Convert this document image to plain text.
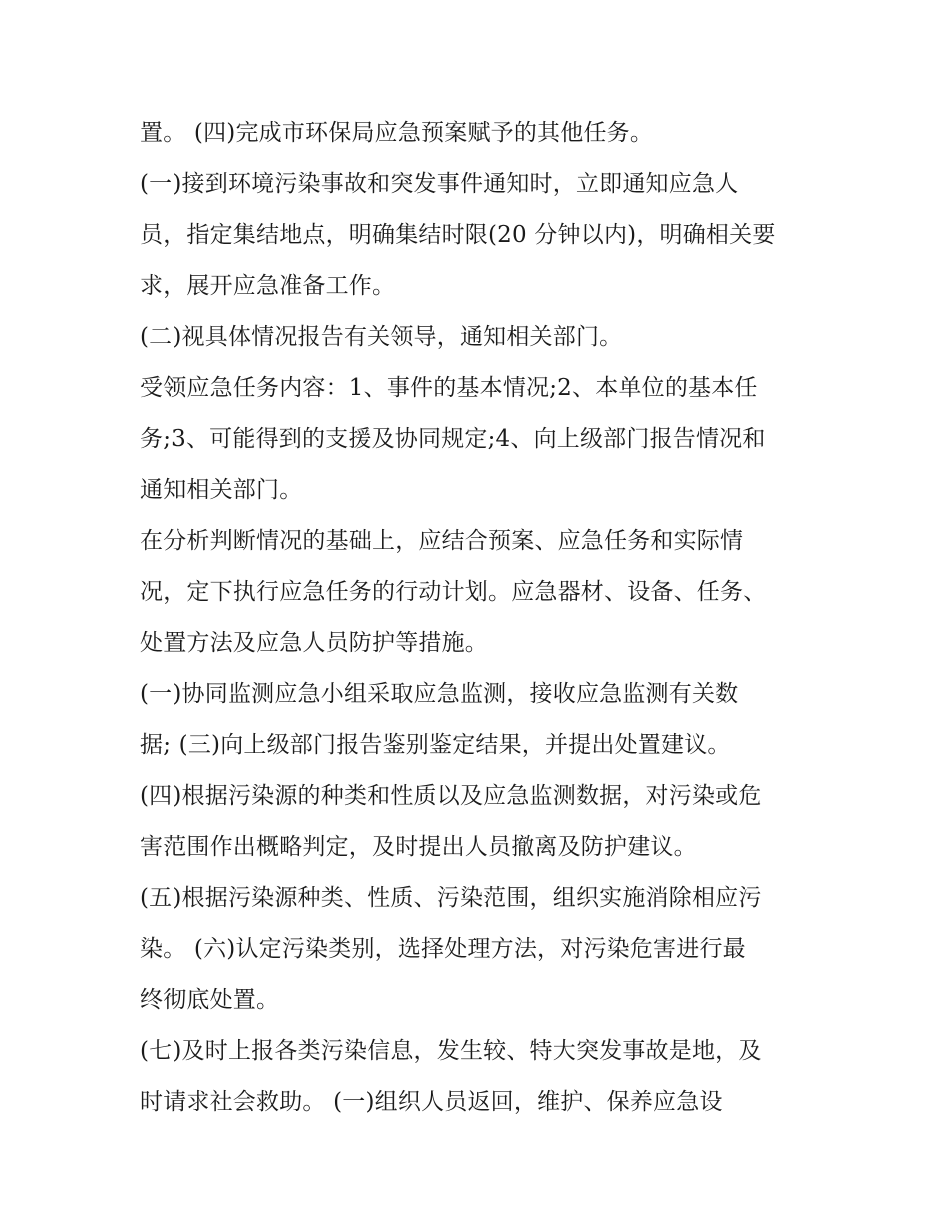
置。 (四)完成市环保局应急预案赋予的其他任务。
(一)接到环境污染事故和突发事件通知时，立即通知应急人
员，指定集结地点，明确集结时限(20 分钟以内)，明确相关要
求，展开应急准备工作。
(二)视具体情况报告有关领导，通知相关部门。
受领应急任务内容：1、事件的基本情况;2、本单位的基本任
务;3、可能得到的支援及协同规定;4、向上级部门报告情况和
通知相关部门。
在分析判断情况的基础上，应结合预案、应急任务和实际情
况，定下执行应急任务的行动计划。应急器材、设备、任务、
处置方法及应急人员防护等措施。
(一)协同监测应急小组采取应急监测，接收应急监测有关数
据; (三)向上级部门报告鉴别鉴定结果，并提出处置建议。
(四)根据污染源的种类和性质以及应急监测数据，对污染或危
害范围作出概略判定，及时提出人员撤离及防护建议。
(五)根据污染源种类、性质、污染范围，组织实施消除相应污
染。 (六)认定污染类别，选择处理方法，对污染危害进行最
终彻底处置。
(七)及时上报各类污染信息，发生较、特大突发事故是地，及
时请求社会救助。 (一)组织人员返回，维护、保养应急设
